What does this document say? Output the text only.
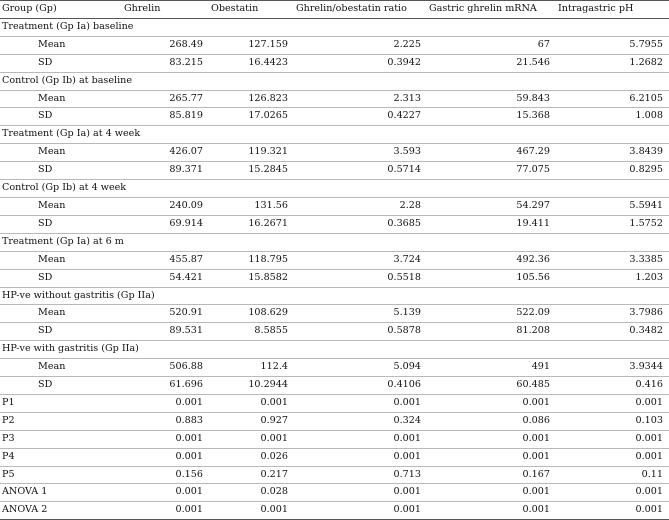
Group (Gp)	Ghrelin	Obestatin	Ghrelin/obestatin ratio	Gastric ghrelin mRNA	Intragastric pH
Treatment (Gp Ia) baseline					
Mean	268.49	127.159	2.225	67	5.7955
SD	83.215	16.4423	0.3942	21.546	1.2682
Control (Gp Ib) at baseline					
Mean	265.77	126.823	2.313	59.843	6.2105
SD	85.819	17.0265	0.4227	15.368	1.008
Treatment (Gp Ia) at 4 week					
Mean	426.07	119.321	3.593	467.29	3.8439
SD	89.371	15.2845	0.5714	77.075	0.8295
Control (Gp Ib) at 4 week					
Mean	240.09	131.56	2.28	54.297	5.5941
SD	69.914	16.2671	0.3685	19.411	1.5752
Treatment (Gp Ia) at 6 m					
Mean	455.87	118.795	3.724	492.36	3.3385
SD	54.421	15.8582	0.5518	105.56	1.203
HP-ve without gastritis (Gp IIa)					
Mean	520.91	108.629	5.139	522.09	3.7986
SD	89.531	8.5855	0.5878	81.208	0.3482
HP-ve with gastritis (Gp IIa)					
Mean	506.88	112.4	5.094	491	3.9344
SD	61.696	10.2944	0.4106	60.485	0.416
P1	0.001	0.001	0.001	0.001	0.001
P2	0.883	0.927	0.324	0.086	0.103
P3	0.001	0.001	0.001	0.001	0.001
P4	0.001	0.026	0.001	0.001	0.001
P5	0.156	0.217	0.713	0.167	0.11
ANOVA 1	0.001	0.028	0.001	0.001	0.001
ANOVA 2	0.001	0.001	0.001	0.001	0.001
